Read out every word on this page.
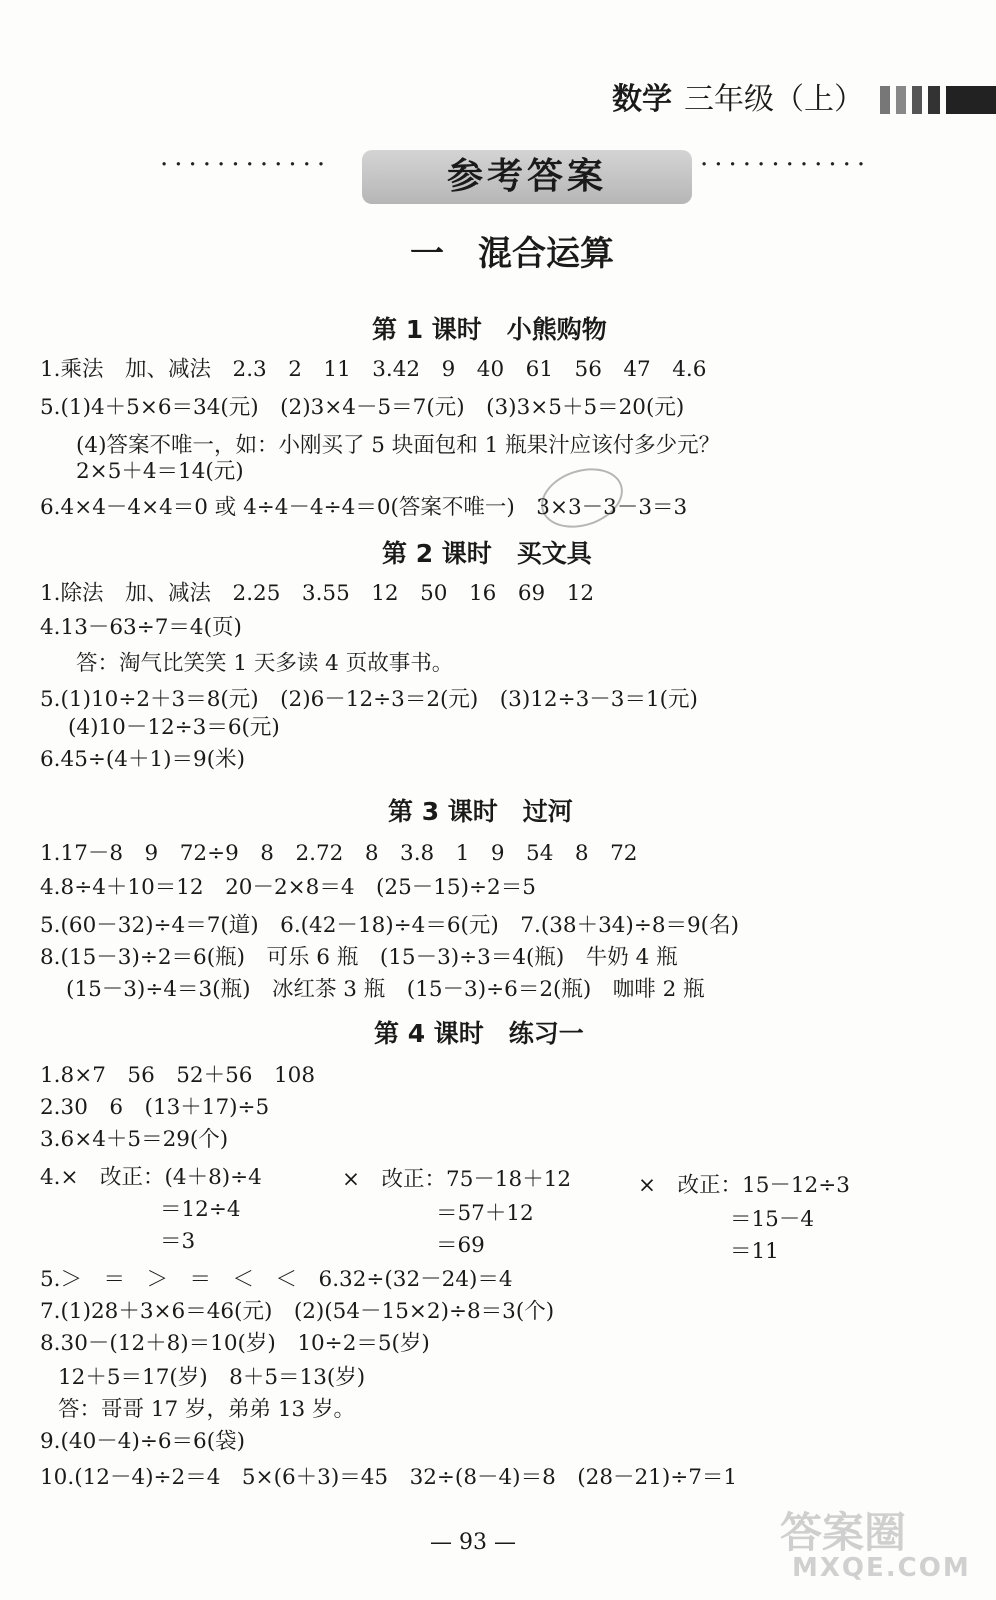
数学 三年级（上）
············	参考答案	············
一　混合运算
第 1 课时　小熊购物
1.乘法　加、减法　2.3　2　11　3.42　9　40　61　56　47　4.6
5.(1)4＋5×6＝34(元)　(2)3×4－5＝7(元)　(3)3×5＋5＝20(元)
(4)答案不唯一，如：小刚买了 5 块面包和 1 瓶果汁应该付多少元？
2×5＋4＝14(元)
6.4×4－4×4＝0 或 4÷4－4÷4＝0(答案不唯一)　3×3－3－3＝3
第 2 课时　买文具
1.除法　加、减法　2.25　3.55　12　50　16　69　12
4.13－63÷7＝4(页)
答：淘气比笑笑 1 天多读 4 页故事书。
5.(1)10÷2＋3＝8(元)　(2)6－12÷3＝2(元)　(3)12÷3－3＝1(元)
(4)10－12÷3＝6(元)
6.45÷(4＋1)＝9(米)
第 3 课时　过河
1.17－8　9　72÷9　8　2.72　8　3.8　1　9　54　8　72
4.8÷4＋10＝12　20－2×8＝4　(25－15)÷2＝5
5.(60－32)÷4＝7(道)　6.(42－18)÷4＝6(元)　7.(38＋34)÷8＝9(名)
8.(15－3)÷2＝6(瓶)　可乐 6 瓶　(15－3)÷3＝4(瓶)　牛奶 4 瓶
(15－3)÷4＝3(瓶)　冰红茶 3 瓶　(15－3)÷6＝2(瓶)　咖啡 2 瓶
第 4 课时　练习一
1.8×7　56　52＋56　108
2.30　6　(13＋17)÷5
3.6×4＋5＝29(个)
4.×　改正：(4＋8)÷4
＝12÷4
＝3
×　改正：75－18＋12
＝57＋12
＝69
×　改正：15－12÷3
＝15－4
＝11
5.＞　＝　＞　＝　＜　＜　6.32÷(32－24)＝4
7.(1)28＋3×6＝46(元)　(2)(54－15×2)÷8＝3(个)
8.30－(12＋8)＝10(岁)　10÷2＝5(岁)
12＋5＝17(岁)　8＋5＝13(岁)
答：哥哥 17 岁，弟弟 13 岁。
9.(40－4)÷6＝6(袋)
10.(12－4)÷2＝4　5×(6＋3)＝45　32÷(8－4)＝8　(28－21)÷7＝1
— 93 —	答案圈
MXQE.COM
